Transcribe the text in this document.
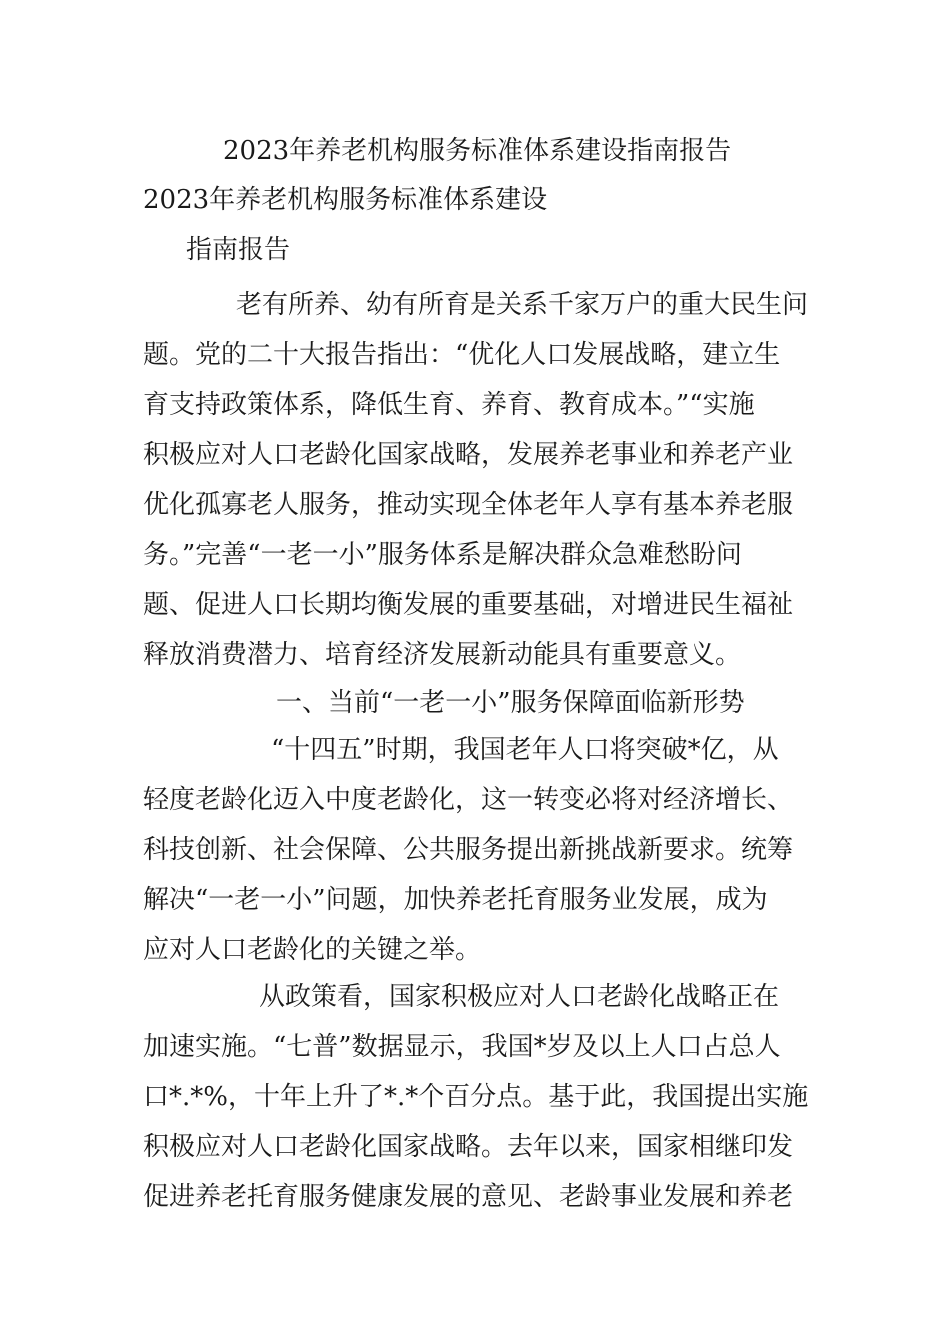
2023年养老机构服务标准体系建设指南报告
2023年养老机构服务标准体系建设
指南报告
老有所养、幼有所育是关系千家万户的重大民生问
题。党的二十大报告指出：“优化人口发展战略，建立生
育支持政策体系，降低生育、养育、教育成本。”“实施
积极应对人口老龄化国家战略，发展养老事业和养老产业
优化孤寡老人服务，推动实现全体老年人享有基本养老服
务。”完善“一老一小”服务体系是解决群众急难愁盼问
题、促进人口长期均衡发展的重要基础，对增进民生福祉
释放消费潜力、培育经济发展新动能具有重要意义。
一、当前“一老一小”服务保障面临新形势
“十四五”时期，我国老年人口将突破*亿，从
轻度老龄化迈入中度老龄化，这一转变必将对经济增长、
科技创新、社会保障、公共服务提出新挑战新要求。统筹
解决“一老一小”问题，加快养老托育服务业发展，成为
应对人口老龄化的关键之举。
从政策看，国家积极应对人口老龄化战略正在
加速实施。“七普”数据显示，我国*岁及以上人口占总人
口*.*%，十年上升了*.*个百分点。基于此，我国提出实施
积极应对人口老龄化国家战略。去年以来，国家相继印发
促进养老托育服务健康发展的意见、老龄事业发展和养老
